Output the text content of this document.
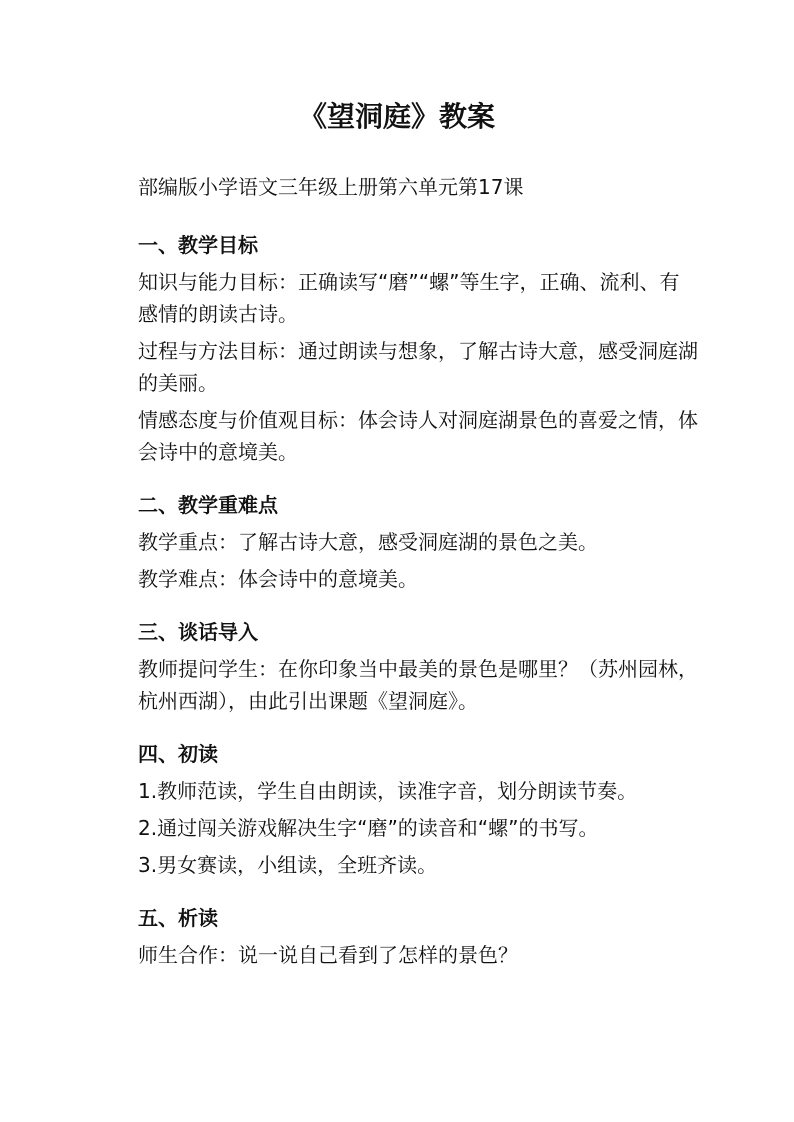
《望洞庭》教案
部编版小学语文三年级上册第六单元第17课
一、教学目标
知识与能力目标：正确读写“磨”“螺”等生字，正确、流利、有感情的朗读古诗。
过程与方法目标：通过朗读与想象，了解古诗大意，感受洞庭湖的美丽。
情感态度与价值观目标：体会诗人对洞庭湖景色的喜爱之情，体会诗中的意境美。
二、教学重难点
教学重点：了解古诗大意，感受洞庭湖的景色之美。
教学难点：体会诗中的意境美。
三、谈话导入
教师提问学生：在你印象当中最美的景色是哪里？（苏州园林，杭州西湖），由此引出课题《望洞庭》。
四、初读
1.教师范读，学生自由朗读，读准字音，划分朗读节奏。
2.通过闯关游戏解决生字“磨”的读音和“螺”的书写。
3.男女赛读，小组读，全班齐读。
五、析读
师生合作：说一说自己看到了怎样的景色？
